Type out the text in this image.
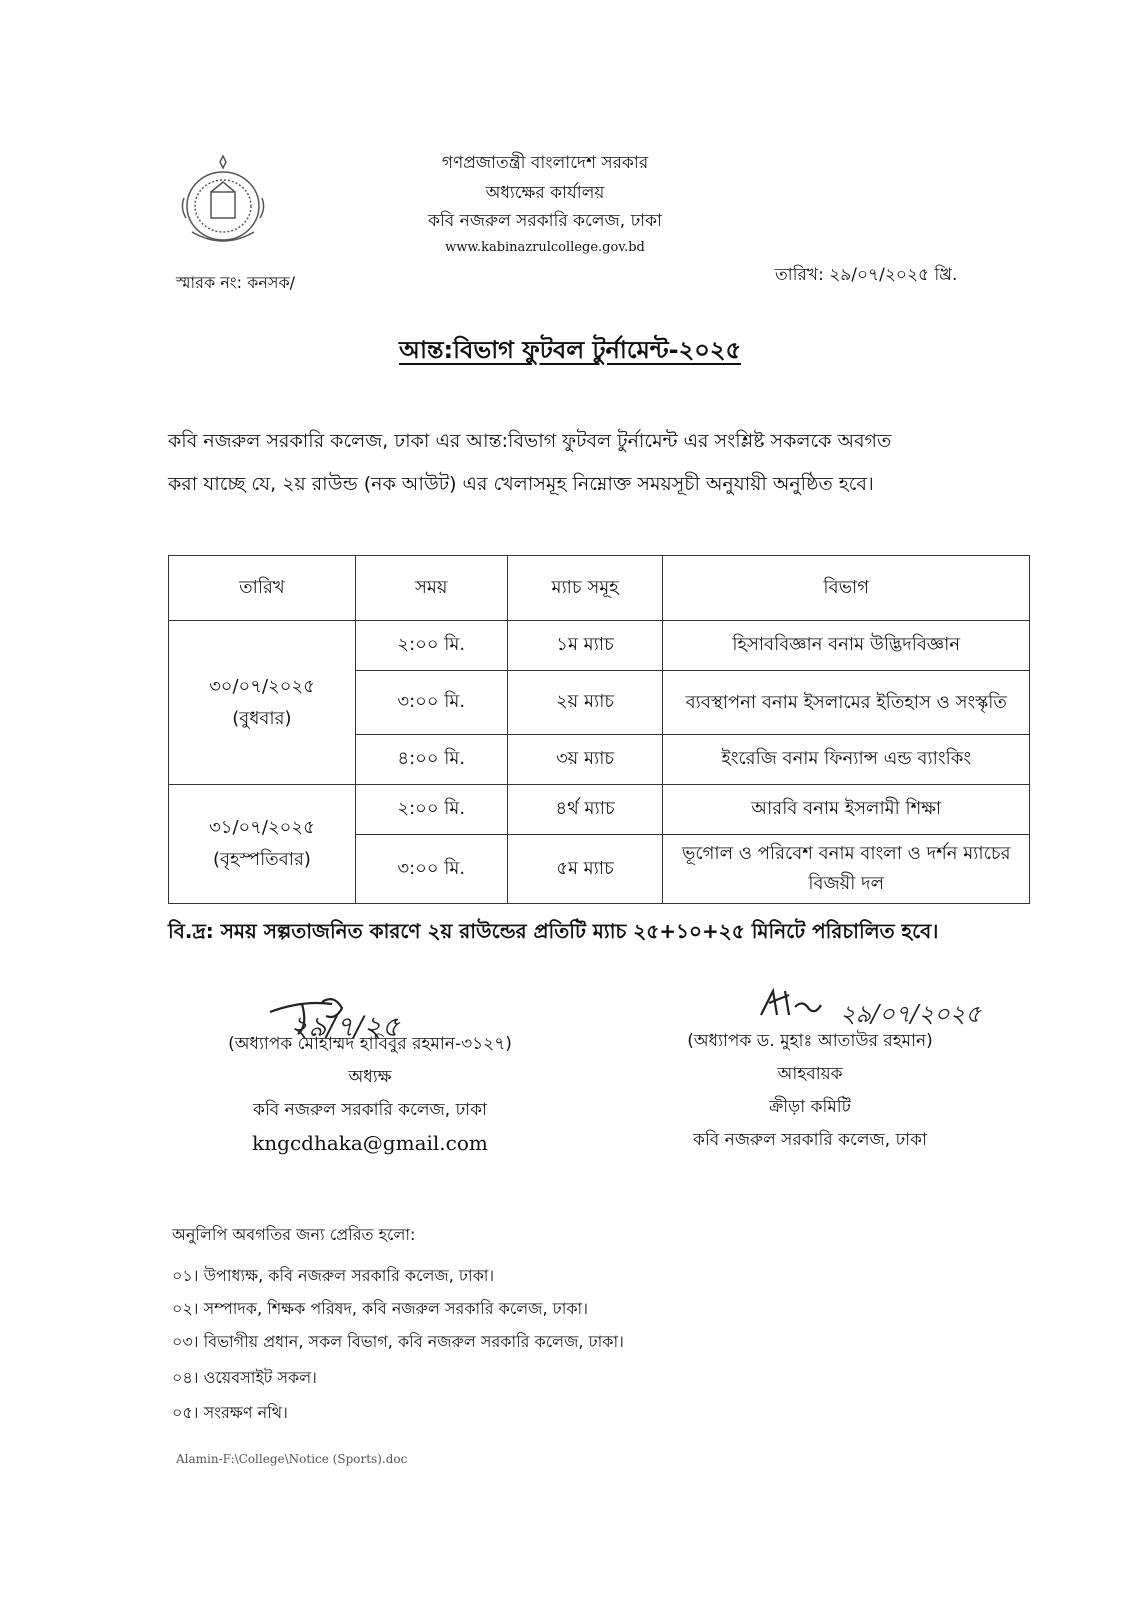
গণপ্রজাতন্ত্রী বাংলাদেশ সরকার
অধ্যক্ষের কার্যালয়
কবি নজরুল সরকারি কলেজ, ঢাকা
www.kabinazrulcollege.gov.bd
স্মারক নং: কনসক/	তারিখ: ২৯/০৭/২০২৫ খ্রি.
আন্ত:বিভাগ ফুটবল টুর্নামেন্ট-২০২৫
কবি নজরুল সরকারি কলেজ, ঢাকা এর আন্ত:বিভাগ ফুটবল টুর্নামেন্ট এর সংশ্লিষ্ট সকলকে অবগত
করা যাচ্ছে যে, ২য় রাউন্ড (নক আউট) এর খেলাসমূহ নিম্নোক্ত সময়সূচী অনুযায়ী অনুষ্ঠিত হবে।
তারিখ	সময়	ম্যাচ সমূহ	বিভাগ

৩০/০৭/২০২৫
(বুধবার)	২:০০ মি.	১ম ম্যাচ	হিসাববিজ্ঞান বনাম উদ্ভিদবিজ্ঞান
	৩:০০ মি.	২য় ম্যাচ	ব্যবস্থাপনা বনাম ইসলামের ইতিহাস ও সংস্কৃতি
	৪:০০ মি.	৩য় ম্যাচ	ইংরেজি বনাম ফিন্যান্স এন্ড ব্যাংকিং

৩১/০৭/২০২৫
(বৃহস্পতিবার)	২:০০ মি.	৪র্থ ম্যাচ	আরবি বনাম ইসলামী শিক্ষা
	৩:০০ মি.	৫ম ম্যাচ	ভূগোল ও পরিবেশ বনাম বাংলা ও দর্শন ম্যাচের বিজয়ী দল
বি.দ্র: সময় সল্পতাজনিত কারণে ২য় রাউন্ডের প্রতিটি ম্যাচ ২৫+১০+২৫ মিনিটে পরিচালিত হবে।
২৯/৭/২৫
(অধ্যাপক মোহাম্মদ হাবিবুর রহমান-৩১২৭)
অধ্যক্ষ
কবি নজরুল সরকারি কলেজ, ঢাকা
kngcdhaka@gmail.com
২৯/০৭/২০২৫
(অধ্যাপক ড. মুহাঃ আতাউর রহমান)
আহবায়ক
ক্রীড়া কমিটি
কবি নজরুল সরকারি কলেজ, ঢাকা
অনুলিপি অবগতির জন্য প্রেরিত হলো:
০১। উপাধ্যক্ষ, কবি নজরুল সরকারি কলেজ, ঢাকা।
০২। সম্পাদক, শিক্ষক পরিষদ, কবি নজরুল সরকারি কলেজ, ঢাকা।
০৩। বিভাগীয় প্রধান, সকল বিভাগ, কবি নজরুল সরকারি কলেজ, ঢাকা।
০৪। ওয়েবসাইট সকল।
০৫। সংরক্ষণ নথি।
Alamin-F:\College\Notice (Sports).doc
